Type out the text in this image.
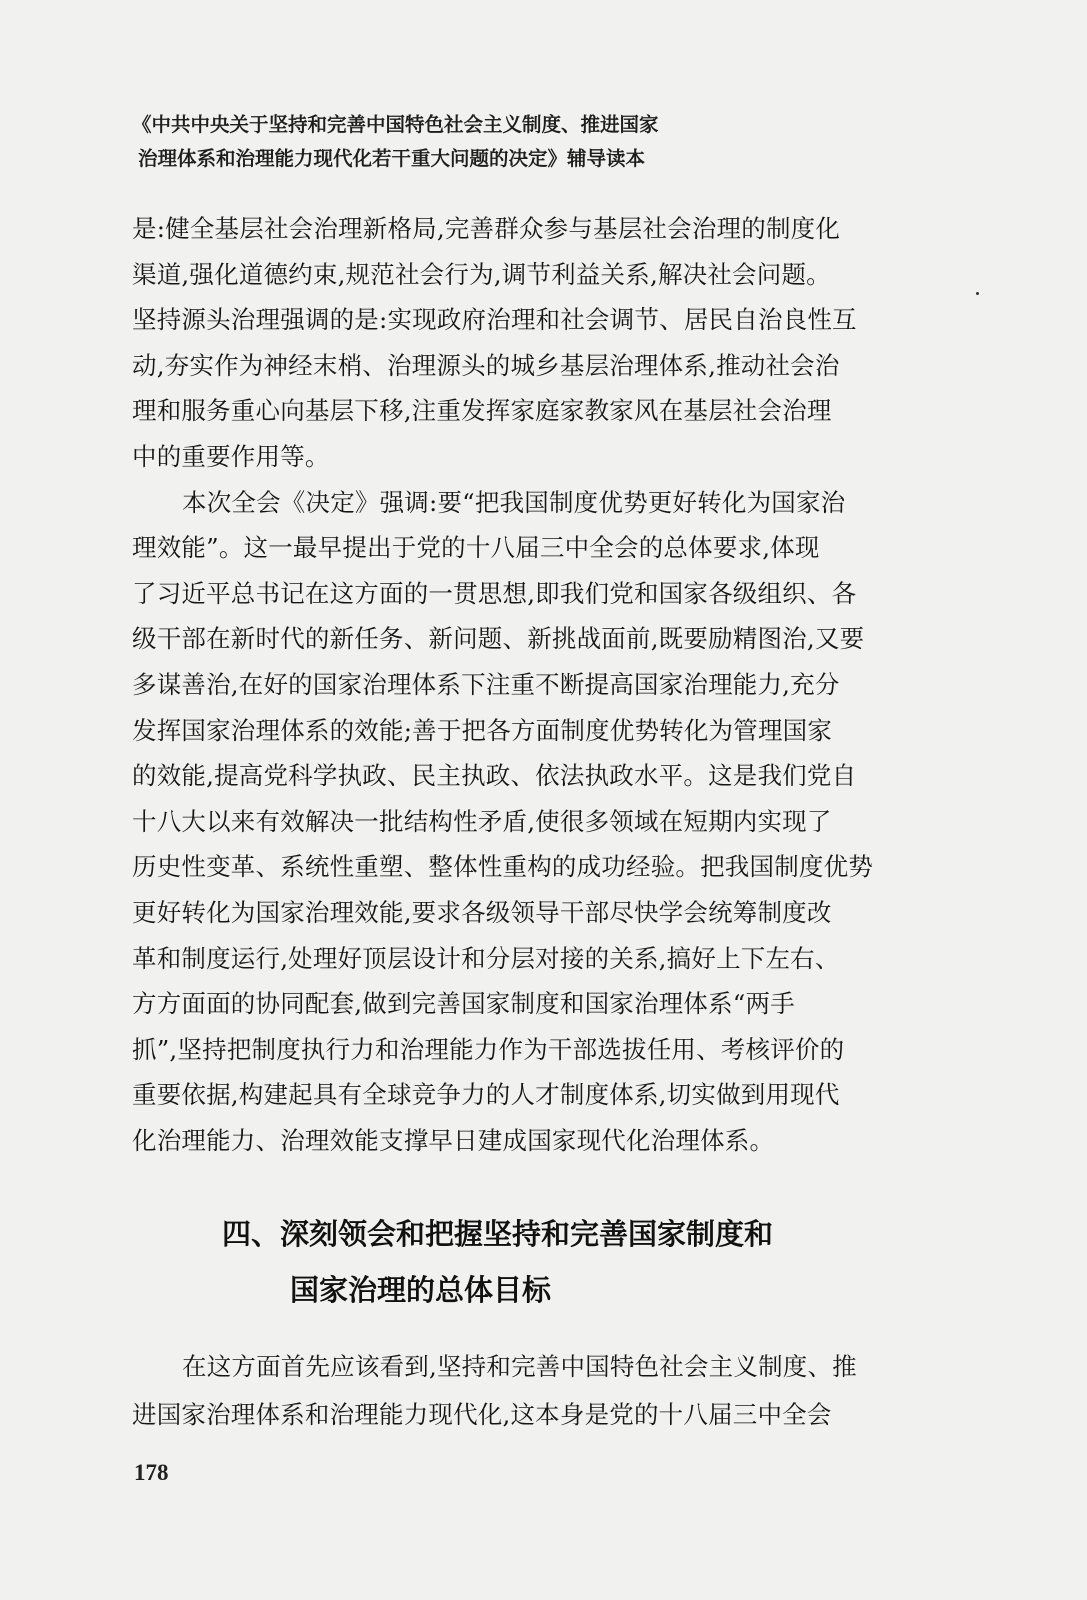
《中共中央关于坚持和完善中国特色社会主义制度、推进国家
治理体系和治理能力现代化若干重大问题的决定》辅导读本
是:健全基层社会治理新格局,完善群众参与基层社会治理的制度化
渠道,强化道德约束,规范社会行为,调节利益关系,解决社会问题。
坚持源头治理强调的是:实现政府治理和社会调节、居民自治良性互
动,夯实作为神经末梢、治理源头的城乡基层治理体系,推动社会治
理和服务重心向基层下移,注重发挥家庭家教家风在基层社会治理
中的重要作用等。
本次全会《决定》强调:要“把我国制度优势更好转化为国家治
理效能”。这一最早提出于党的十八届三中全会的总体要求,体现
了习近平总书记在这方面的一贯思想,即我们党和国家各级组织、各
级干部在新时代的新任务、新问题、新挑战面前,既要励精图治,又要
多谋善治,在好的国家治理体系下注重不断提高国家治理能力,充分
发挥国家治理体系的效能;善于把各方面制度优势转化为管理国家
的效能,提高党科学执政、民主执政、依法执政水平。这是我们党自
十八大以来有效解决一批结构性矛盾,使很多领域在短期内实现了
历史性变革、系统性重塑、整体性重构的成功经验。把我国制度优势
更好转化为国家治理效能,要求各级领导干部尽快学会统筹制度改
革和制度运行,处理好顶层设计和分层对接的关系,搞好上下左右、
方方面面的协同配套,做到完善国家制度和国家治理体系“两手
抓”,坚持把制度执行力和治理能力作为干部选拔任用、考核评价的
重要依据,构建起具有全球竞争力的人才制度体系,切实做到用现代
化治理能力、治理效能支撑早日建成国家现代化治理体系。
四、深刻领会和把握坚持和完善国家制度和
国家治理的总体目标
在这方面首先应该看到,坚持和完善中国特色社会主义制度、推
进国家治理体系和治理能力现代化,这本身是党的十八届三中全会
178
